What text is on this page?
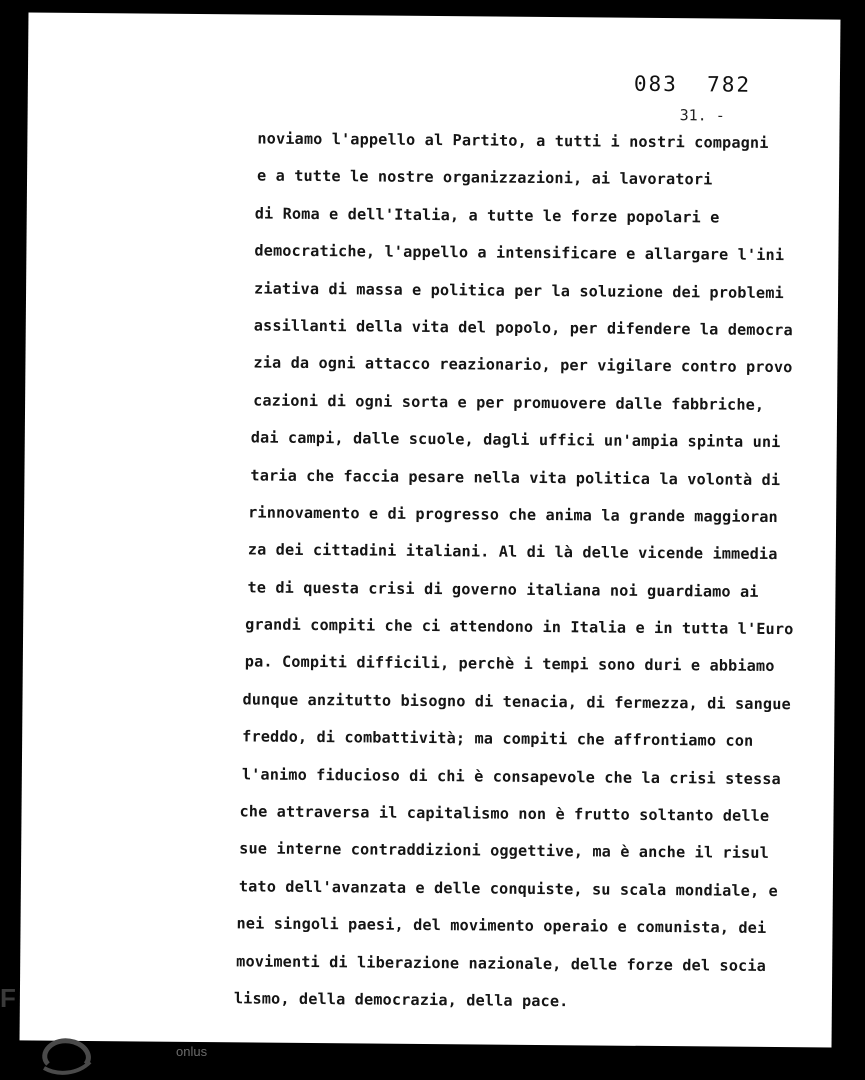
083  782
31. -
noviamo l'appello al Partito, a tutti i nostri compagni
e a tutte le nostre organizzazioni, ai lavoratori
di Roma e dell'Italia, a tutte le forze popolari e
democratiche, l'appello a intensificare e allargare l'ini
ziativa di massa e politica per la soluzione dei problemi
assillanti della vita del popolo, per difendere la democra
zia da ogni attacco reazionario, per vigilare contro provo
cazioni di ogni sorta e per promuovere dalle fabbriche,
dai campi, dalle scuole, dagli uffici un'ampia spinta uni
taria che faccia pesare nella vita politica la volontà di
rinnovamento e di progresso che anima la grande maggioran
za dei cittadini italiani. Al di là delle vicende immedia
te di questa crisi di governo italiana noi guardiamo ai
grandi compiti che ci attendono in Italia e in tutta l'Euro
pa. Compiti difficili, perchè i tempi sono duri e abbiamo
dunque anzitutto bisogno di tenacia, di fermezza, di sangue
freddo, di combattività; ma compiti che affrontiamo con
l'animo fiducioso di chi è consapevole che la crisi stessa
che attraversa il capitalismo non è frutto soltanto delle
sue interne contraddizioni oggettive, ma è anche il risul
tato dell'avanzata e delle conquiste, su scala mondiale, e
nei singoli paesi, del movimento operaio e comunista, dei
movimenti di liberazione nazionale, delle forze del socia
lismo, della democrazia, della pace.
F
onlus
